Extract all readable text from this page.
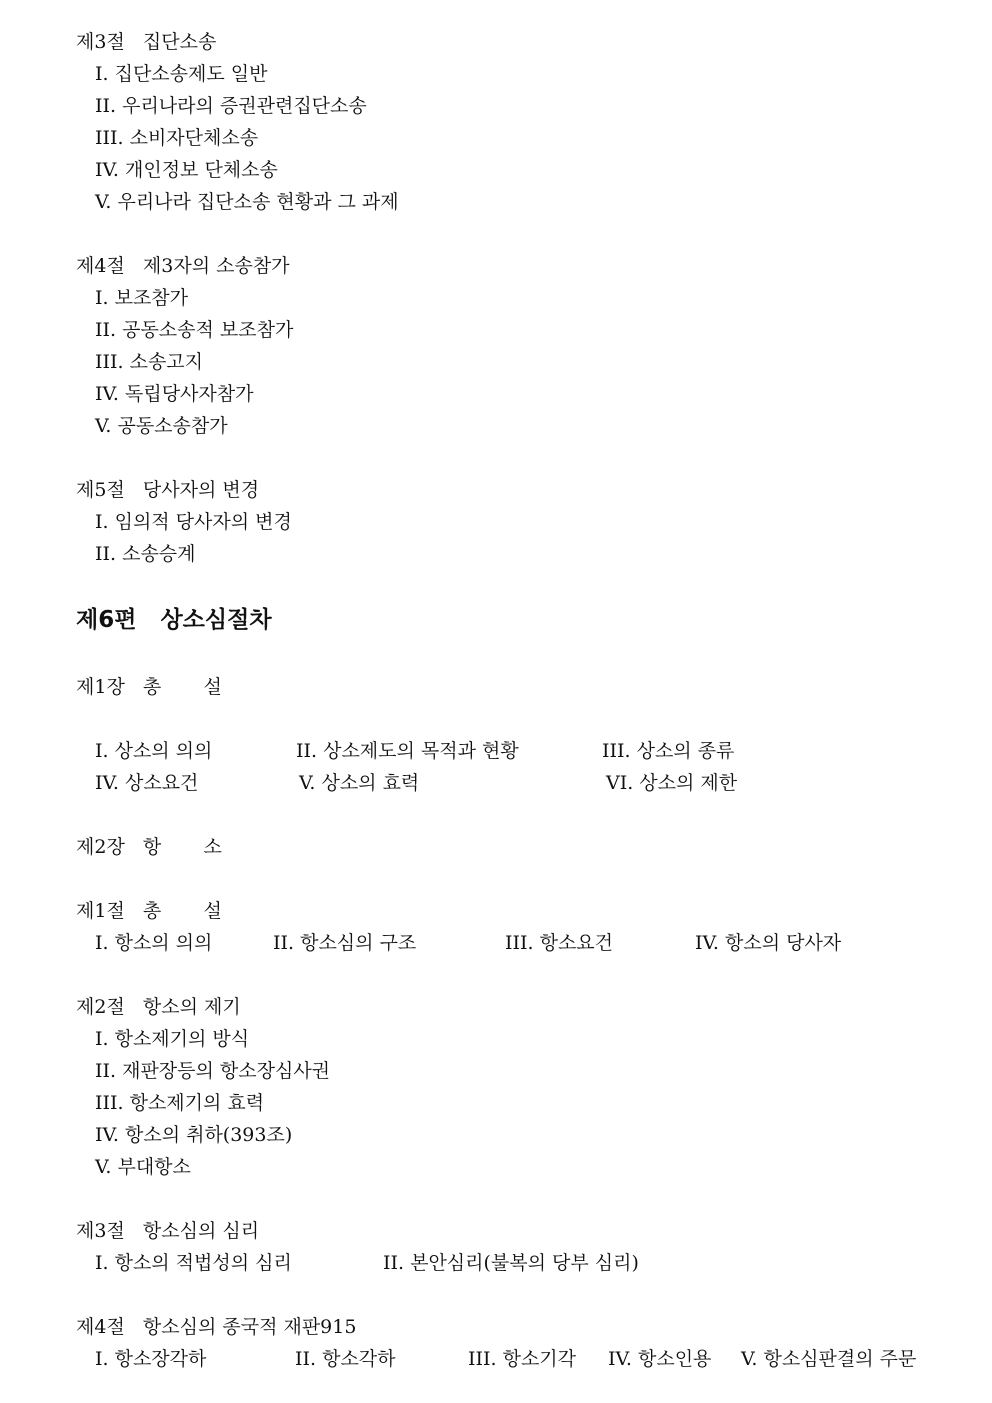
제3절   집단소송
I. 집단소송제도 일반
II. 우리나라의 증권관련집단소송
III. 소비자단체소송
IV. 개인정보 단체소송
V. 우리나라 집단소송 현황과 그 과제
제4절   제3자의 소송참가
I. 보조참가
II. 공동소송적 보조참가
III. 소송고지
IV. 독립당사자참가
V. 공동소송참가
제5절   당사자의 변경
I. 임의적 당사자의 변경
II. 소송승계
제6편   상소심절차
제1장   총       설
I. 상소의 의의	II. 상소제도의 목적과 현황	III. 상소의 종류
IV. 상소요건	V. 상소의 효력	VI. 상소의 제한
제2장   항       소
제1절   총       설
I. 항소의 의의	II. 항소심의 구조	III. 항소요건	IV. 항소의 당사자
제2절   항소의 제기
I. 항소제기의 방식
II. 재판장등의 항소장심사권
III. 항소제기의 효력
IV. 항소의 취하(393조)
V. 부대항소
제3절   항소심의 심리
I. 항소의 적법성의 심리	II. 본안심리(불복의 당부 심리)
제4절   항소심의 종국적 재판915
I. 항소장각하	II. 항소각하	III. 항소기각 IV. 항소인용 V. 항소심판결의 주문
